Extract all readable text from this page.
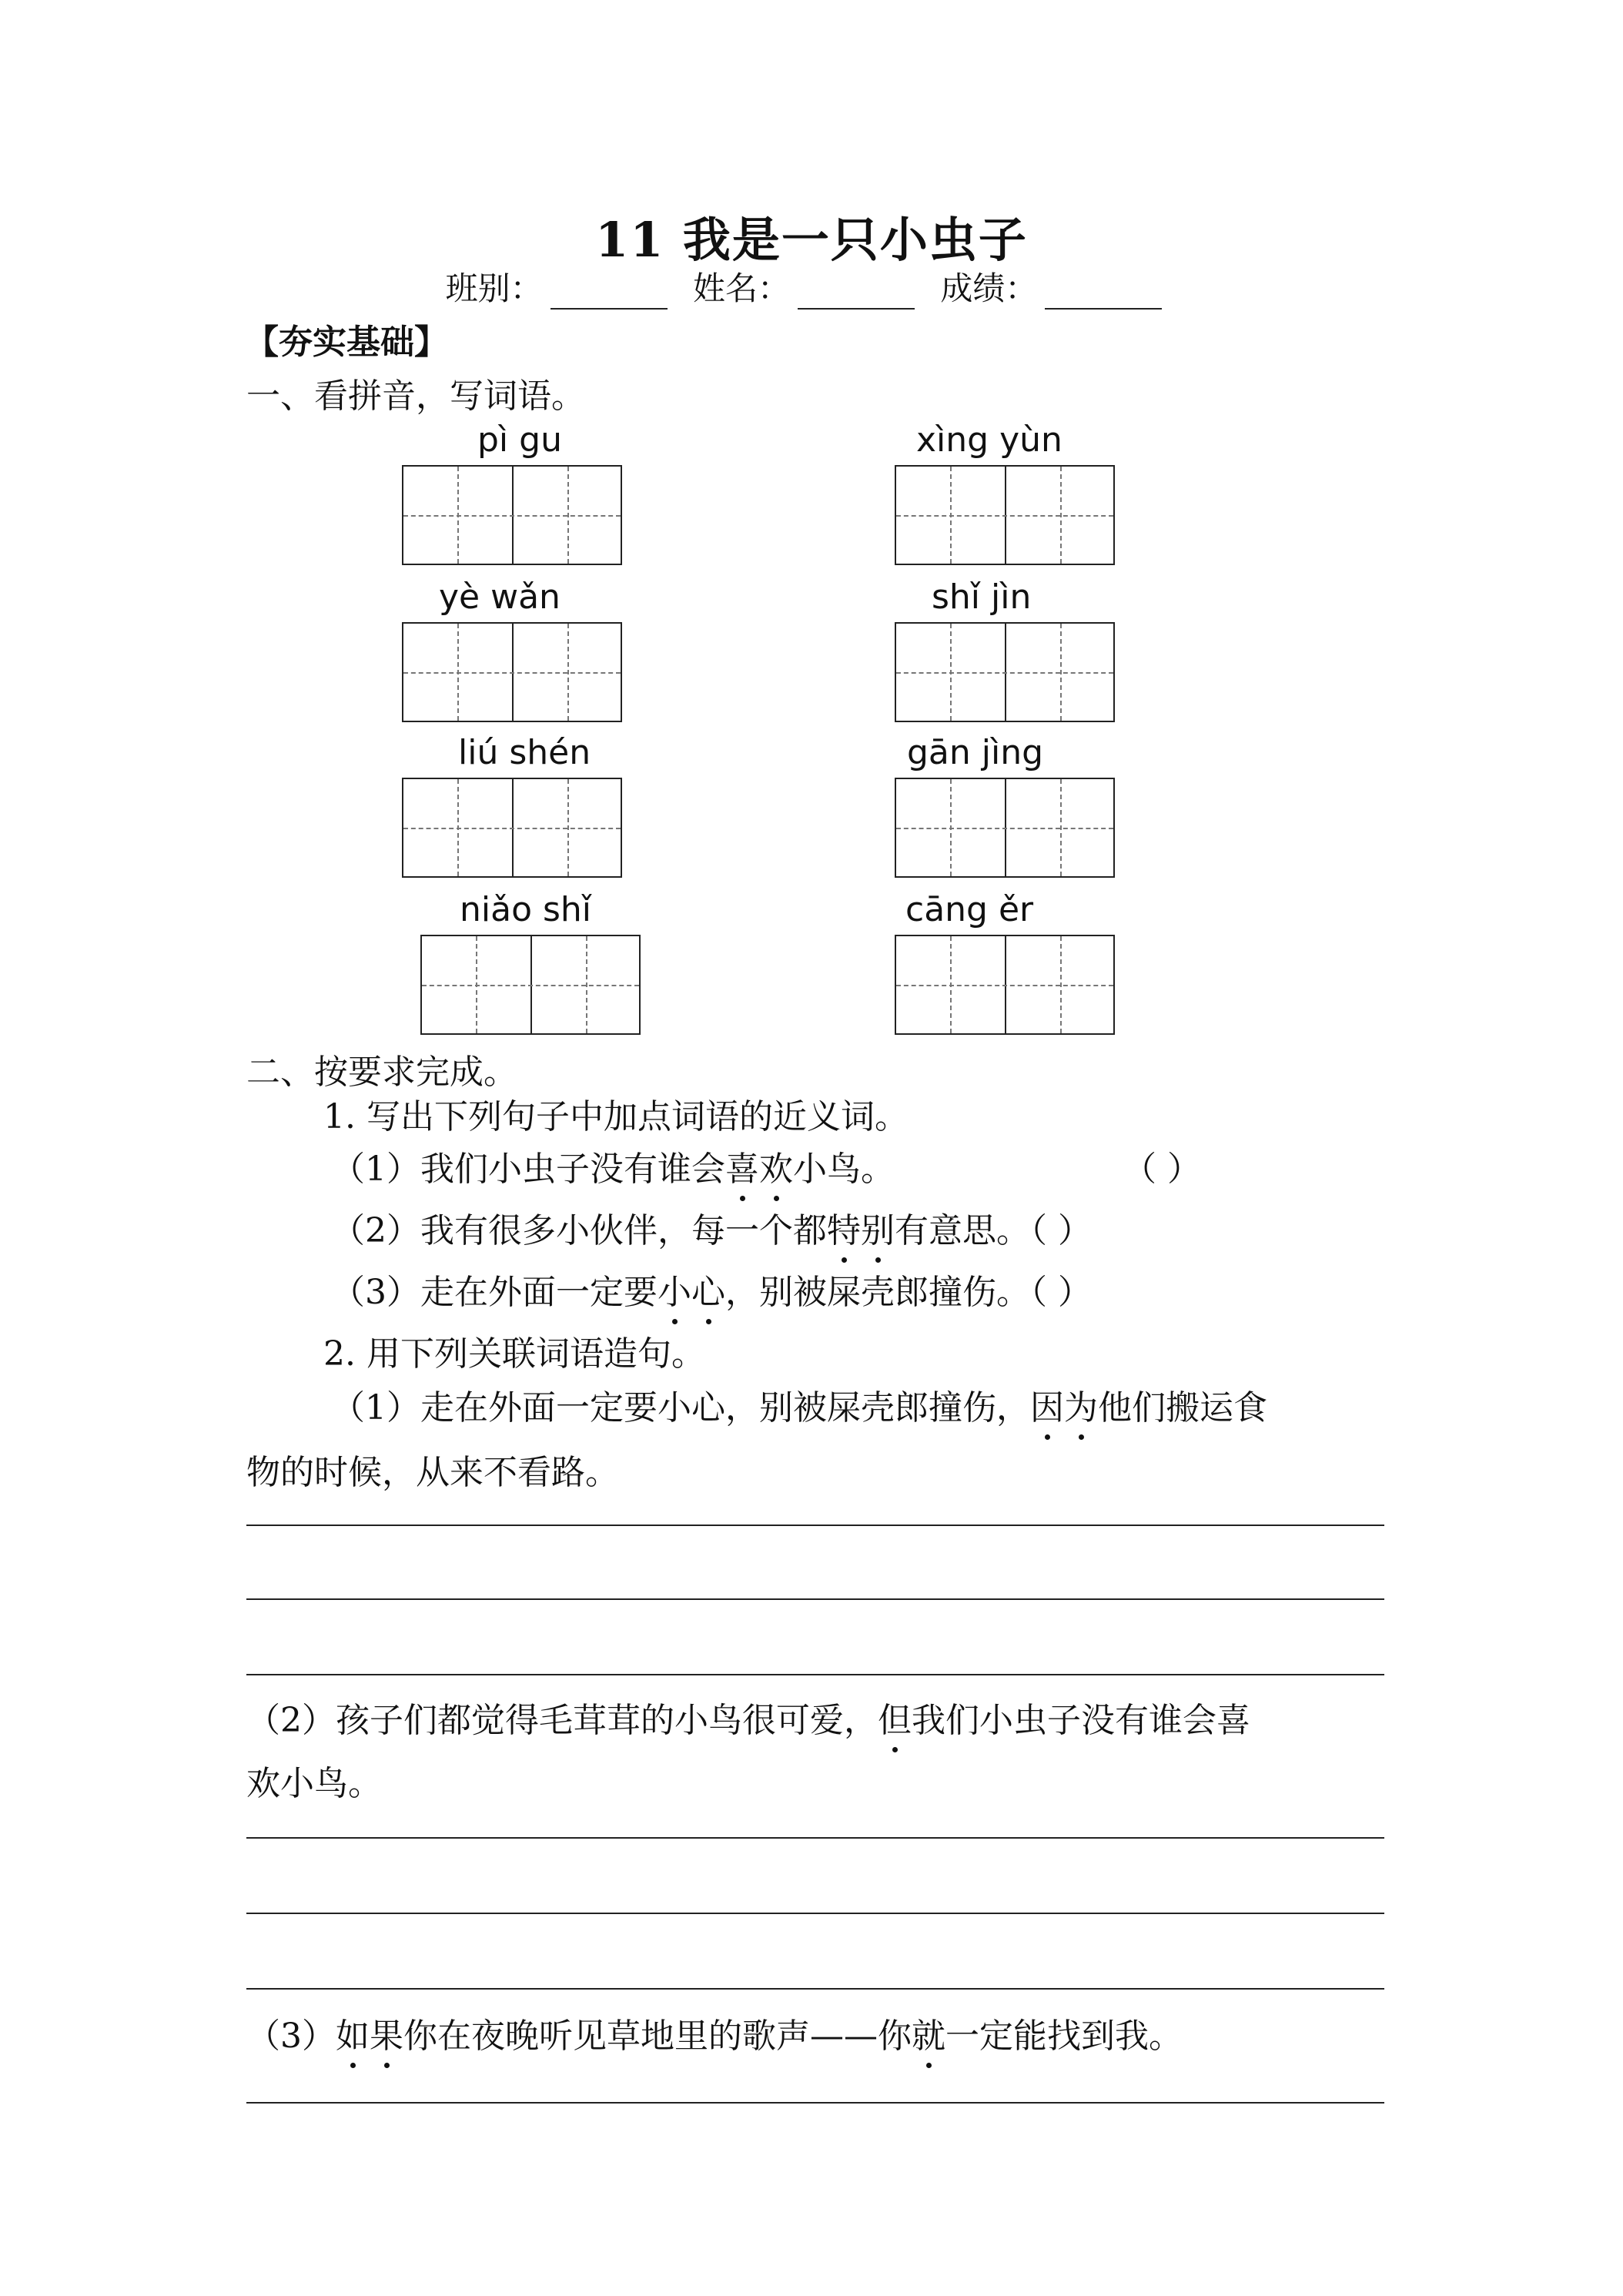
11 我是一只小虫子
班别：	姓名：	成绩：
【夯实基础】
一、看拼音，写词语。
pì gu	xìng yùn
yè wǎn	shǐ jìn
liú shén	gān jìng
niǎo shǐ	cāng ěr
二、按要求完成。
1. 写出下列句子中加点词语的近义词。
（1）我们小虫子没有谁会喜欢小鸟。	（ ）
（2）我有很多小伙伴，每一个都特别有意思。（ ）
（3）走在外面一定要小心，别被屎壳郎撞伤。（ ）
2. 用下列关联词语造句。
（1）走在外面一定要小心，别被屎壳郎撞伤，因为他们搬运食
物的时候，从来不看路。
（2）孩子们都觉得毛茸茸的小鸟很可爱，但我们小虫子没有谁会喜
欢小鸟。
（3）如果你在夜晚听见草地里的歌声——你就一定能找到我。
